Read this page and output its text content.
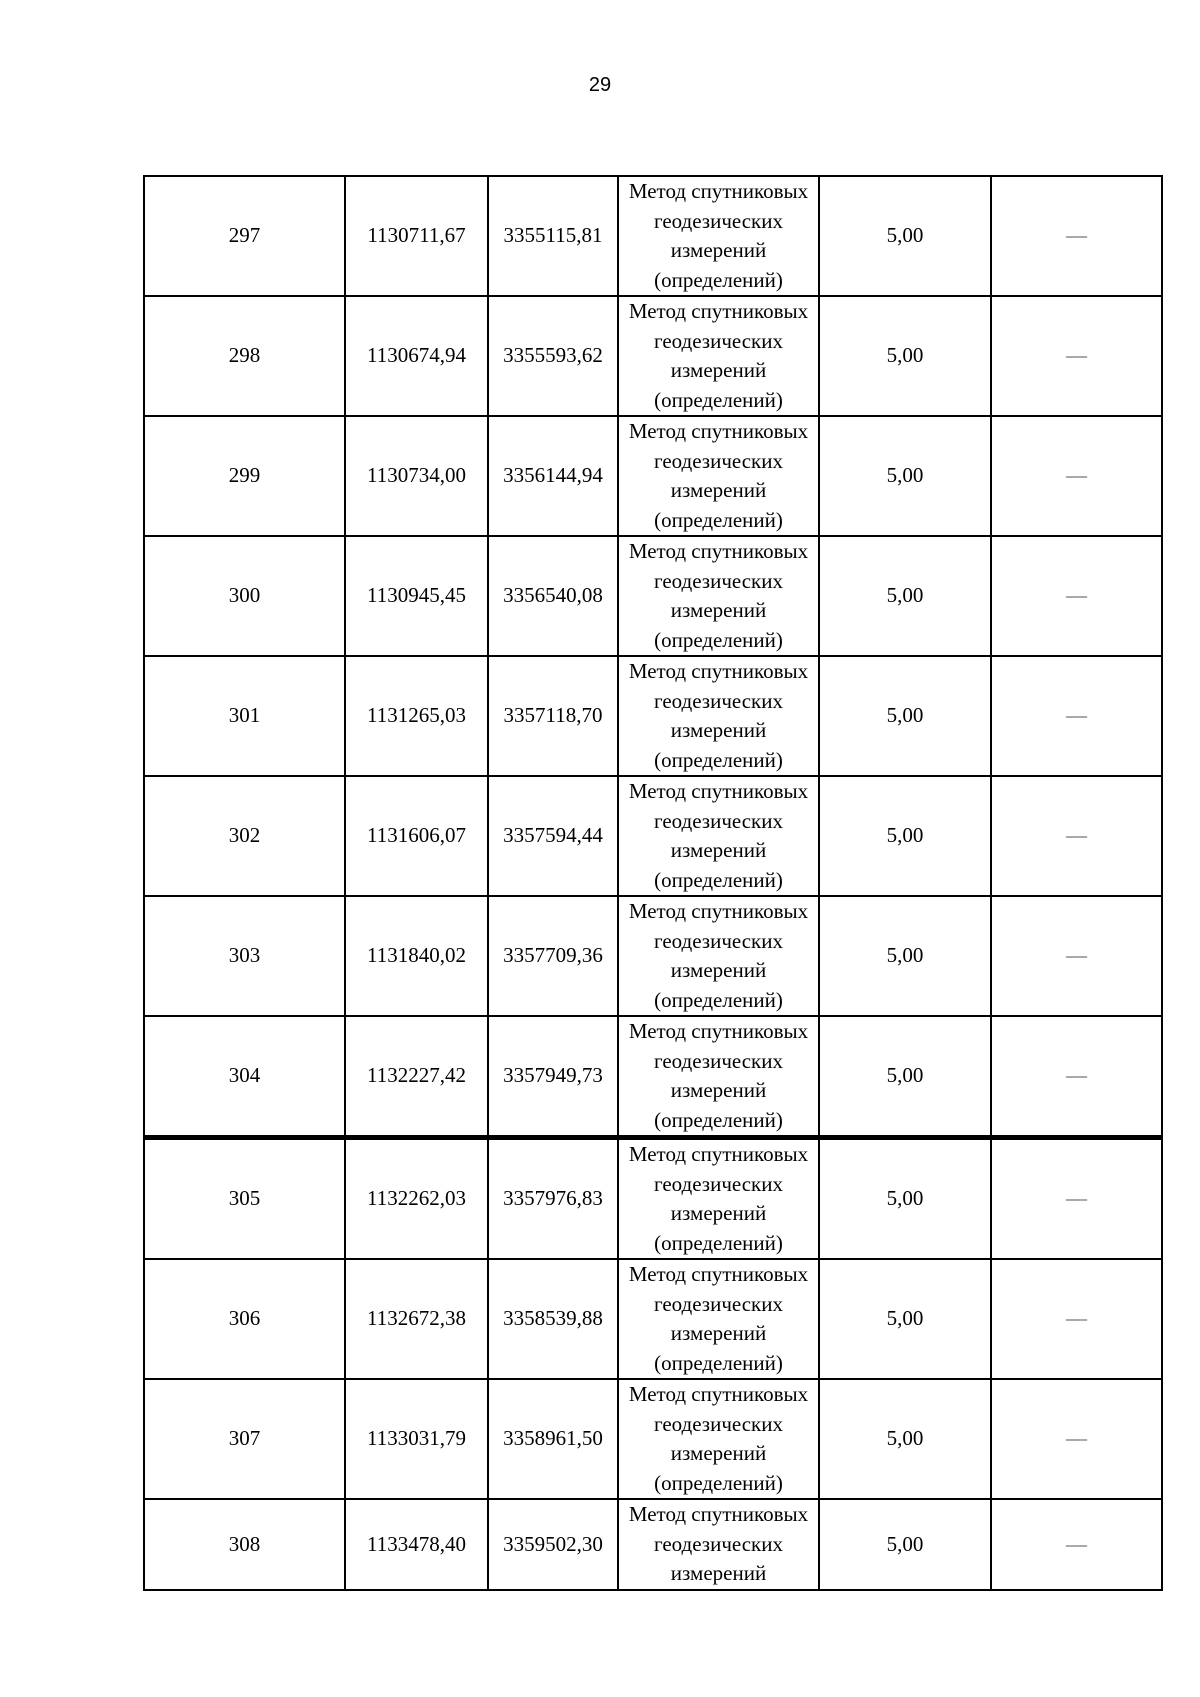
29
297	1130711,67	3355115,81	Метод спутниковых
геодезических
измерений
(определений)	5,00	—
298	1130674,94	3355593,62	Метод спутниковых
геодезических
измерений
(определений)	5,00	—
299	1130734,00	3356144,94	Метод спутниковых
геодезических
измерений
(определений)	5,00	—
300	1130945,45	3356540,08	Метод спутниковых
геодезических
измерений
(определений)	5,00	—
301	1131265,03	3357118,70	Метод спутниковых
геодезических
измерений
(определений)	5,00	—
302	1131606,07	3357594,44	Метод спутниковых
геодезических
измерений
(определений)	5,00	—
303	1131840,02	3357709,36	Метод спутниковых
геодезических
измерений
(определений)	5,00	—
304	1132227,42	3357949,73	Метод спутниковых
геодезических
измерений
(определений)	5,00	—
305	1132262,03	3357976,83	Метод спутниковых
геодезических
измерений
(определений)	5,00	—
306	1132672,38	3358539,88	Метод спутниковых
геодезических
измерений
(определений)	5,00	—
307	1133031,79	3358961,50	Метод спутниковых
геодезических
измерений
(определений)	5,00	—
308	1133478,40	3359502,30	Метод спутниковых
геодезических
измерений	5,00	—
